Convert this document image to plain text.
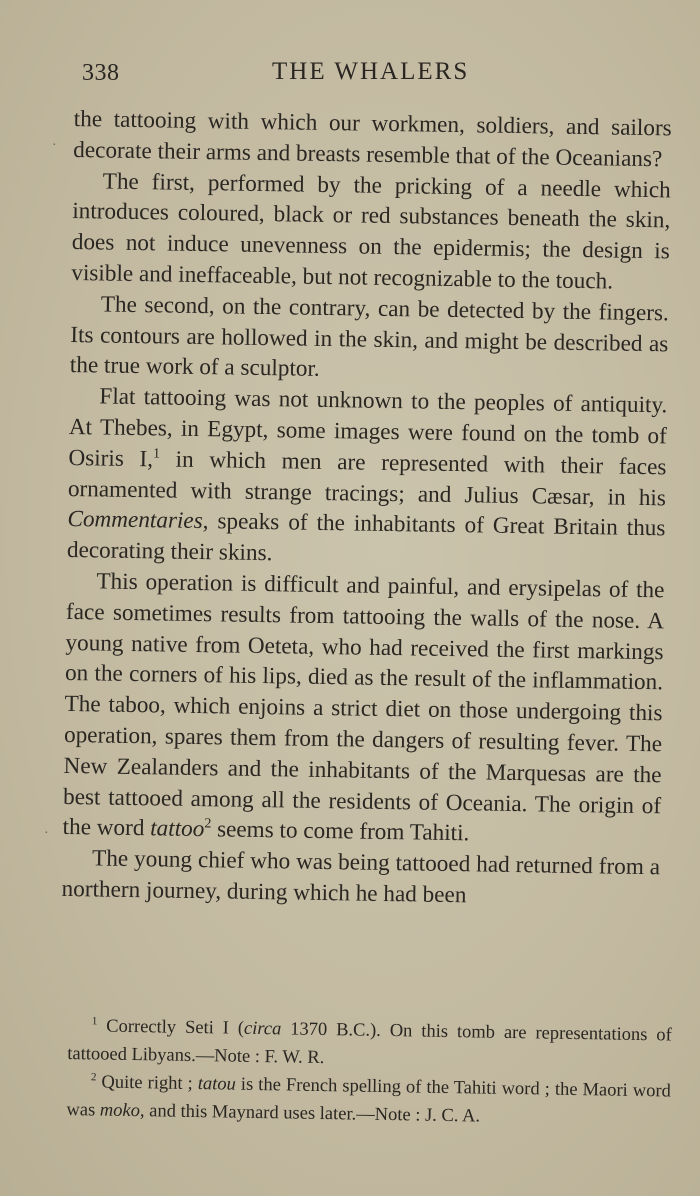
338	THE WHALERS
·
·

the tattooing with which our workmen, soldiers, and sailors decorate their arms and breasts resemble that of the Oceanians?

The first, performed by the pricking of a needle which introduces coloured, black or red substances beneath the skin, does not induce unevenness on the epidermis; the design is visible and ineffaceable, but not recognizable to the touch.

The second, on the contrary, can be detected by the fingers. Its contours are hollowed in the skin, and might be described as the true work of a sculptor.

Flat tattooing was not unknown to the peoples of antiquity. At Thebes, in Egypt, some images were found on the tomb of Osiris I,$^1$ in which men are represented with their faces ornamented with strange tracings; and Julius Cæsar, in his Commentaries, speaks of the inhabitants of Great Britain thus decorating their skins.

This operation is difficult and painful, and erysipelas of the face sometimes results from tattooing the walls of the nose. A young native from Oeteta, who had received the first markings on the corners of his lips, died as the result of the inflammation. The taboo, which enjoins a strict diet on those undergoing this operation, spares them from the dangers of resulting fever. The New Zealanders and the inhabitants of the Marquesas are the best tattooed among all the residents of Oceania. The origin of the word tattoo$^2$ seems to come from Tahiti.

The young chief who was being tattooed had returned from a northern journey, during which he had been

$^1$ Correctly Seti I (circa 1370 B.C.). On this tomb are representations of tattooed Libyans.—Note : F. W. R.

$^2$ Quite right ; tatou is the French spelling of the Tahiti word ; the Maori word was moko, and this Maynard uses later.—Note : J. C. A.
